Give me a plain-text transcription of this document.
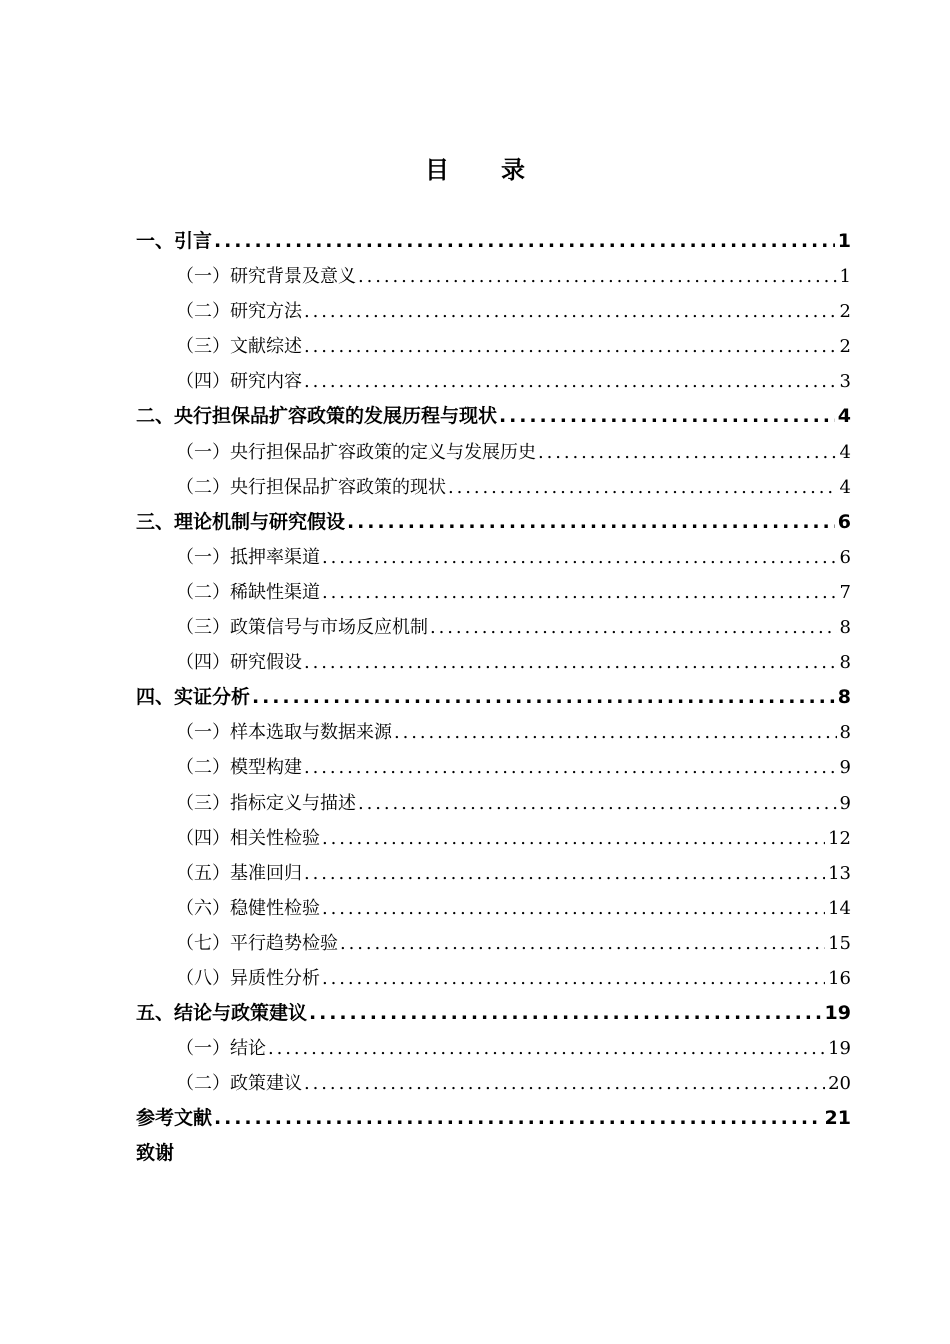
目 录
一、引言 .....	1
（一）研究背景及意义 .....	1
（二）研究方法 .....	2
（三）文献综述 .....	2
（四）研究内容 .....	3
二、央行担保品扩容政策的发展历程与现状 .....	4
（一）央行担保品扩容政策的定义与发展历史 .....	4
（二）央行担保品扩容政策的现状 .....	4
三、理论机制与研究假设 .....	6
（一）抵押率渠道 .....	6
（二）稀缺性渠道 .....	7
（三）政策信号与市场反应机制 .....	8
（四）研究假设 .....	8
四、实证分析 .....	8
（一）样本选取与数据来源 .....	8
（二）模型构建 .....	9
（三）指标定义与描述 .....	9
（四）相关性检验 .....	12
（五）基准回归 .....	13
（六）稳健性检验 .....	14
（七）平行趋势检验 .....	15
（八）异质性分析 .....	16
五、结论与政策建议 .....	19
（一）结论 .....	19
（二）政策建议 .....	20
参考文献 .....	21
致谢
